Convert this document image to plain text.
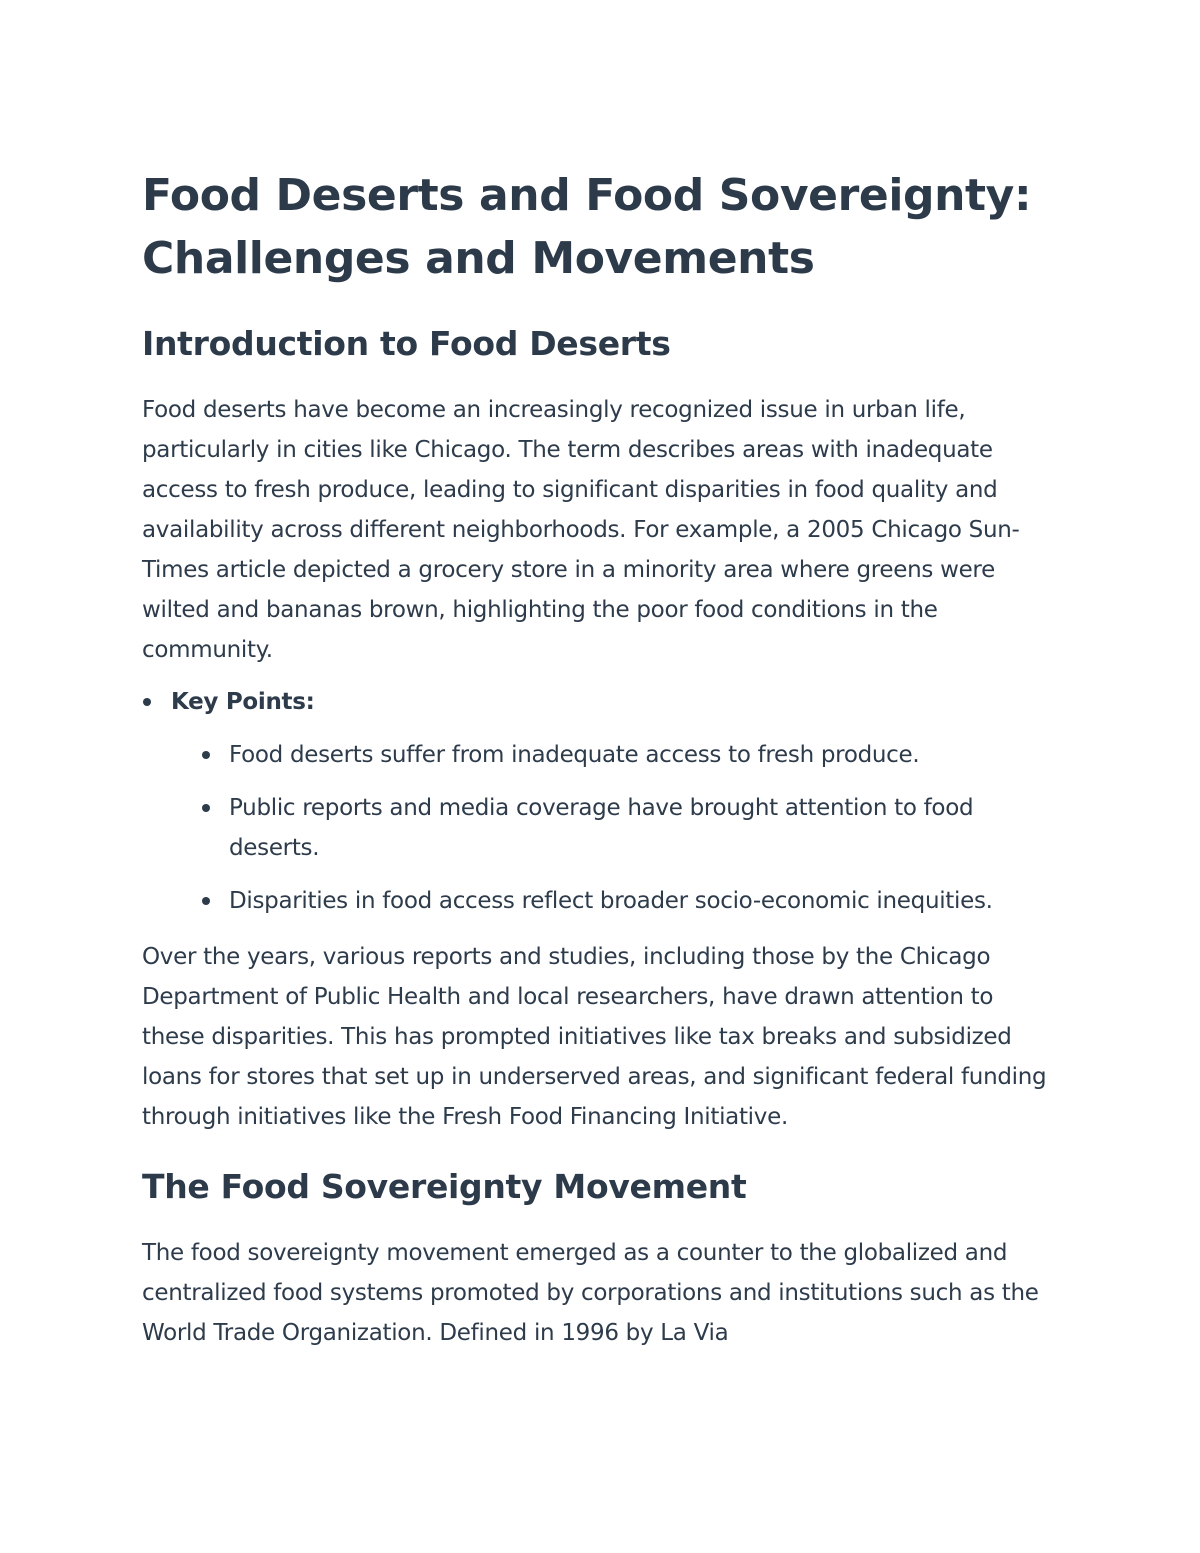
Food Deserts and Food Sovereignty: Challenges and Movements
Introduction to Food Deserts

Food deserts have become an increasingly recognized issue in urban life, particularly in cities like Chicago. The term describes areas with inadequate access to fresh produce, leading to significant disparities in food quality and availability across different neighborhoods. For example, a 2005 Chicago Sun-Times article depicted a grocery store in a minority area where greens were wilted and bananas brown, highlighting the poor food conditions in the community.

Key Points:
Food deserts suffer from inadequate access to fresh produce.
Public reports and media coverage have brought attention to food deserts.
Disparities in food access reflect broader socio-economic inequities.

Over the years, various reports and studies, including those by the Chicago Department of Public Health and local researchers, have drawn attention to these disparities. This has prompted initiatives like tax breaks and subsidized loans for stores that set up in underserved areas, and significant federal funding through initiatives like the Fresh Food Financing Initiative.

The Food Sovereignty Movement

The food sovereignty movement emerged as a counter to the globalized and centralized food systems promoted by corporations and institutions such as the World Trade Organization. Defined in 1996 by La Via
